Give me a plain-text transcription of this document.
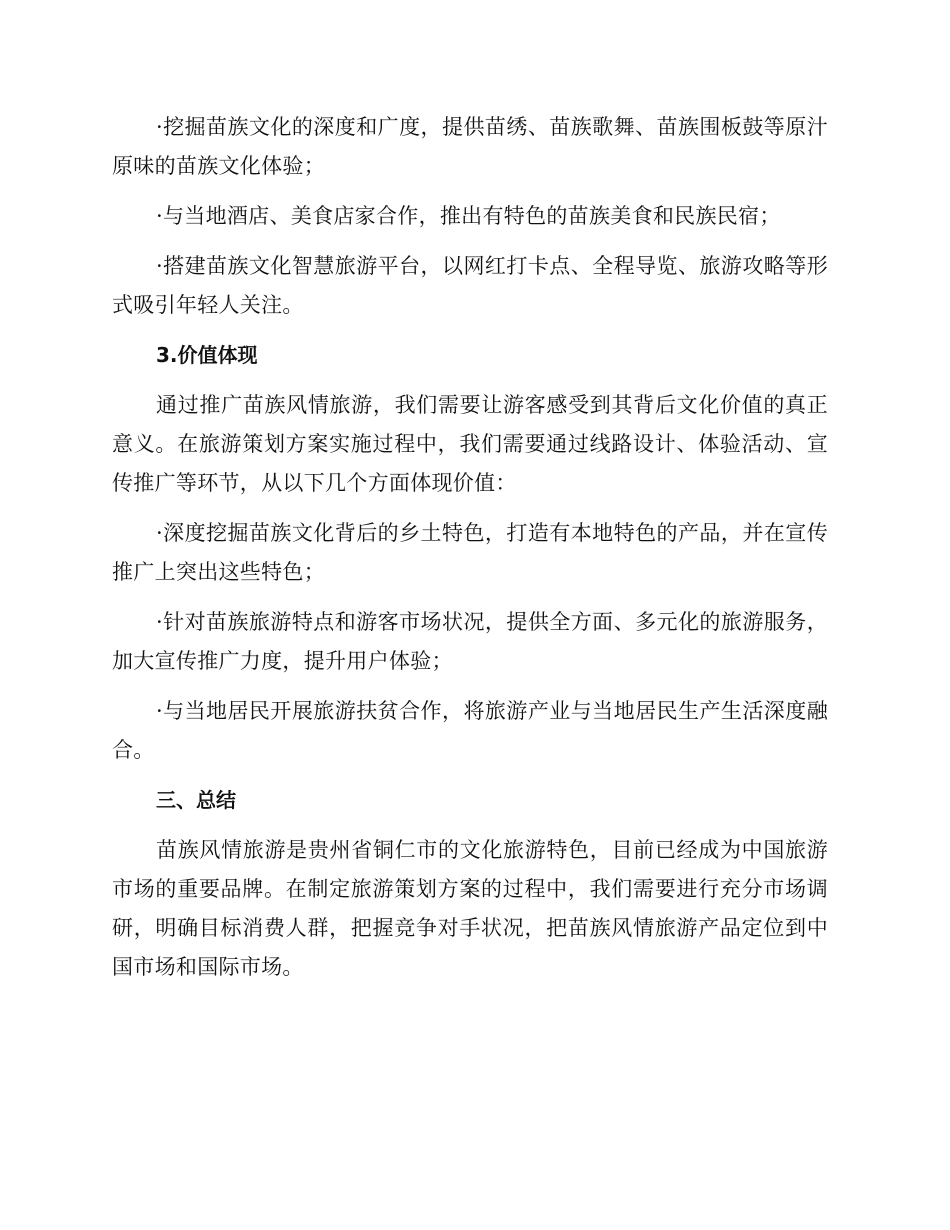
·挖掘苗族文化的深度和广度，提供苗绣、苗族歌舞、苗族围板鼓等原汁原味的苗族文化体验；

·与当地酒店、美食店家合作，推出有特色的苗族美食和民族民宿；

·搭建苗族文化智慧旅游平台，以网红打卡点、全程导览、旅游攻略等形式吸引年轻人关注。

3.价值体现

通过推广苗族风情旅游，我们需要让游客感受到其背后文化价值的真正意义。在旅游策划方案实施过程中，我们需要通过线路设计、体验活动、宣传推广等环节，从以下几个方面体现价值：

·深度挖掘苗族文化背后的乡土特色，打造有本地特色的产品，并在宣传推广上突出这些特色；

·针对苗族旅游特点和游客市场状况，提供全方面、多元化的旅游服务，加大宣传推广力度，提升用户体验；

·与当地居民开展旅游扶贫合作，将旅游产业与当地居民生产生活深度融合。

三、总结

苗族风情旅游是贵州省铜仁市的文化旅游特色，目前已经成为中国旅游市场的重要品牌。在制定旅游策划方案的过程中，我们需要进行充分市场调研，明确目标消费人群，把握竞争对手状况，把苗族风情旅游产品定位到中国市场和国际市场。
